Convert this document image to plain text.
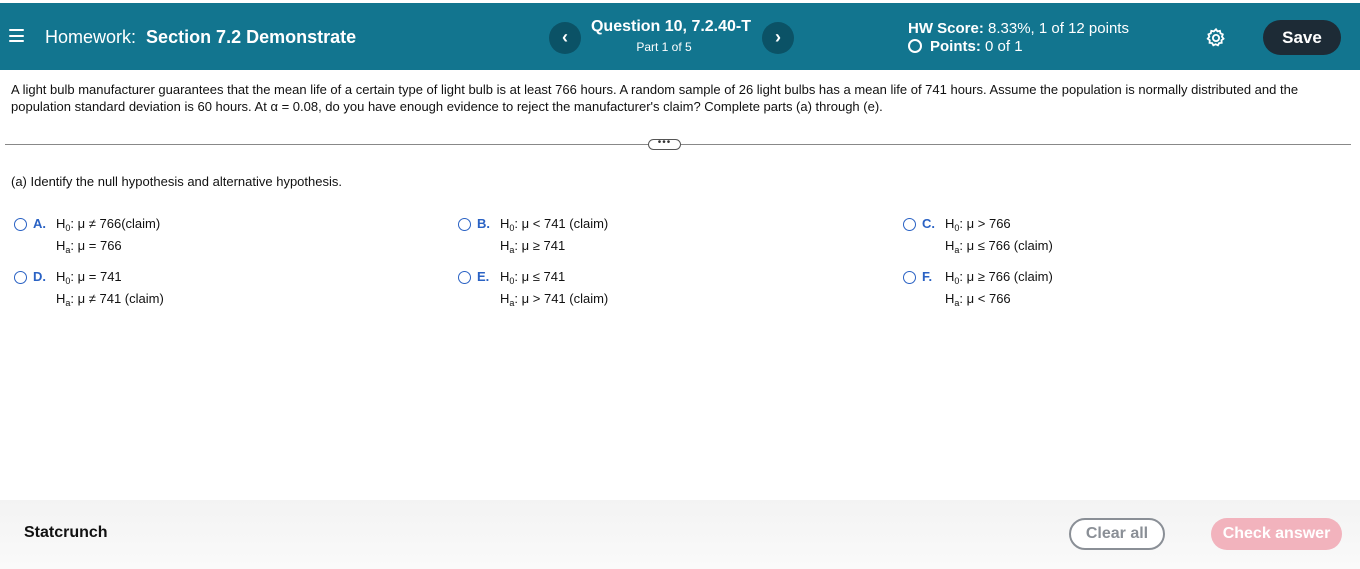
Homework: Section 7.2 Demonstrate	‹
Question 10, 7.2.40-T
Part 1 of 5	›	HW Score: 8.33%, 1 of 12 points
Points: 0 of 1	Save
A light bulb manufacturer guarantees that the mean life of a certain type of light bulb is at least 766 hours. A random sample of 26 light bulbs has a mean life of 741 hours. Assume the population is normally distributed and the population standard deviation is 60 hours. At α = 0.08, do you have enough evidence to reject the manufacturer's claim? Complete parts (a) through (e).
•••
(a) Identify the null hypothesis and alternative hypothesis.
A. $H_0$: μ ≠ 766(claim)
$H_a$: μ = 766
B. $H_0$: μ < 741 (claim)
$H_a$: μ ≥ 741
C. $H_0$: μ > 766
$H_a$: μ ≤ 766 (claim)
D. $H_0$: μ = 741
$H_a$: μ ≠ 741 (claim)
E. $H_0$: μ ≤ 741
$H_a$: μ > 741 (claim)
F. $H_0$: μ ≥ 766 (claim)
$H_a$: μ < 766
Statcrunch	Clear all	Check answer
